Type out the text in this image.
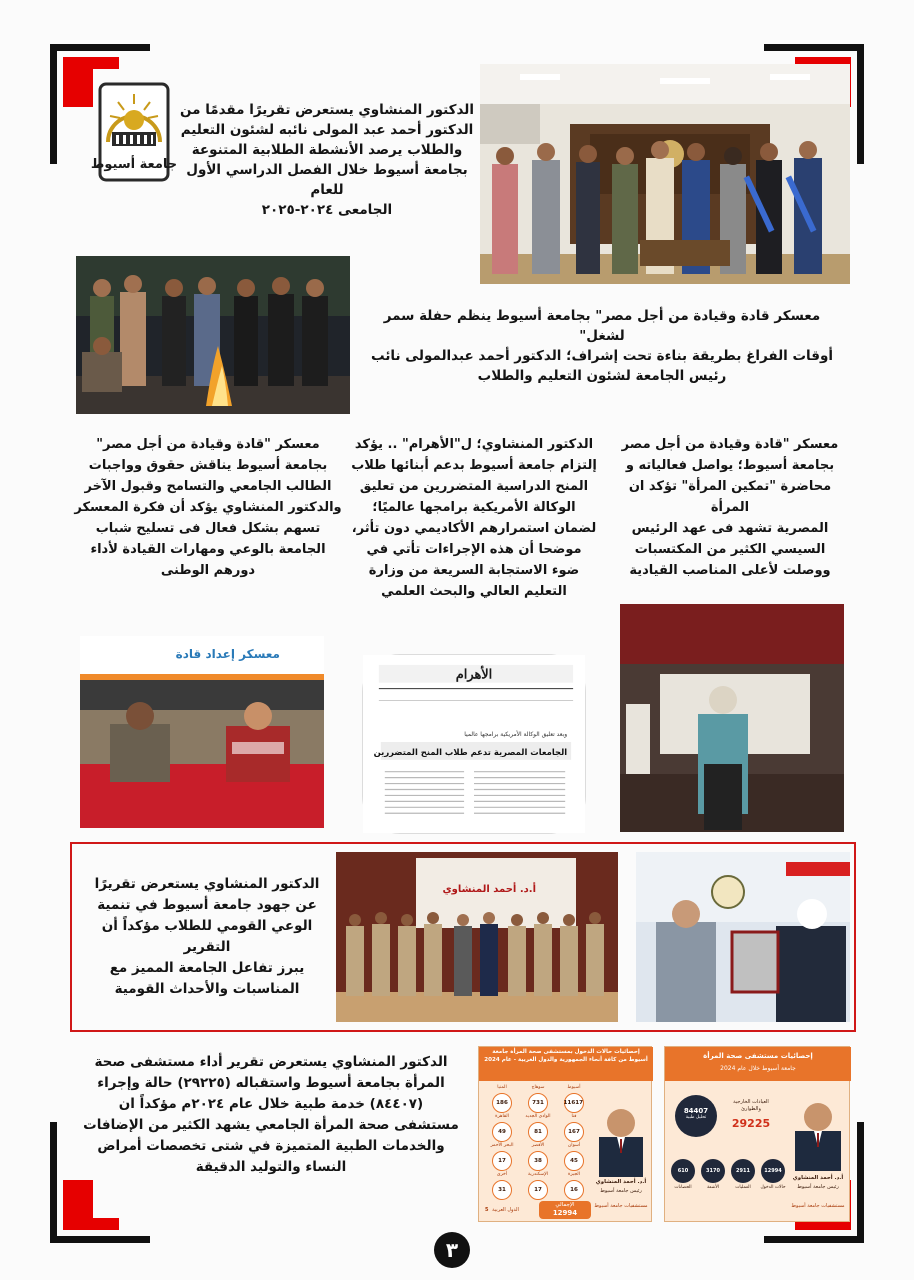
جامعة أسيوط
الدكتور المنشاوي يستعرض تقريرًا مقدمًا من
الدكتور أحمد عبد المولى نائبه لشئون التعليم
والطلاب يرصد الأنشطة الطلابية المتنوعة
بجامعة أسيوط خلال الفصل الدراسي الأول للعام
الجامعى ٢٠٢٤-٢٠٢٥
معسكر قادة وقيادة من أجل مصر" بجامعة أسيوط ينظم حفلة سمر لشغل"
أوقات الفراغ بطريقة بناءة تحت إشراف؛ الدكتور أحمد عبدالمولى نائب
رئيس الجامعة لشئون التعليم والطلاب
معسكر "قادة وقيادة من أجل مصر
بجامعة أسيوط؛ يواصل فعالياته و
محاضرة "تمكين المرأة" تؤكد ان المرأة
المصرية تشهد فى عهد الرئيس
السيسي الكثير من المكتسبات
ووصلت لأعلى المناصب القيادية
الدكتور المنشاوي؛ ل"الأهرام" .. يؤكد
إلتزام جامعة أسيوط بدعم أبنائها طلاب
المنح الدراسية المتضررين من تعليق
الوكالة الأمريكية برامجها عالميًا؛
لضمان استمرارهم الأكاديمي دون تأثر،
موضحا أن هذه الإجراءات تأتي في
ضوء الاستجابة السريعة من وزارة
التعليم العالي والبحث العلمي
معسكر "قادة وقيادة من أجل مصر"
بجامعة أسيوط يناقش حقوق وواجبات
الطالب الجامعي والتسامح وقبول الآخر
والدكتور المنشاوي يؤكد أن فكرة المعسكر
تسهم بشكل فعال فى تسليح شباب
الجامعة بالوعي ومهارات القيادة لأداء
دورهم الوطنى
معسكر إعداد قادة
الأهرام
وبعد تعليق الوكالة الأمريكية برامجها عالميا
الجامعات المصرية تدعم طلاب المنح المتضررين
الدكتور المنشاوي يستعرض تقريرًا
عن جهود جامعة أسيوط في تنمية
الوعي القومي للطلاب مؤكداً أن التقرير
يبرز تفاعل الجامعة المميز مع
المناسبات والأحداث القومية
أ.د. أحمد المنشاوي
الدكتور المنشاوي يستعرض تقرير أداء مستشفى صحة
المرأة بجامعة أسيوط واستقباله (٢٩٢٢٥) حالة وإجراء
(٨٤٤٠٧) خدمة طبية خلال عام ٢٠٢٤م مؤكداً ان
مستشفى صحة المرأة الجامعي يشهد الكثير من الإضافات
والخدمات الطبية المتميزة في شتى تخصصات أمراض
النساء والتوليد الدقيقة
إحصائيات حالات الدخول بمستشفى صحة المرأة جامعة أسيوط من كافة أنحاء الجمهورية والدول العربية - عام 2024
أسيوط
11617
سوهاج
731
المنيا
186
قنا
167
الوادي الجديد
81
القاهرة
49
أسوان
45
الأقصر
38
البحر الأحمر
17
الجيزة
16
الإسكندرية
17
أخرى
31
الدول العربية 5
الإجمالي
12994
أ.د. أحمد المنشاوي
رئيس جامعة أسيوط
مستشفيات جامعة أسيوط
إحصائيات مستشفى صحة المرأة
جامعة أسيوط خلال عام 2024
84407
تحليل طبية
العيادات الخارجية والطوارئ
29225
12994
حالات الدخول
2911
العمليات
3170
الأشعة
610
الحضانات
أ.د. أحمد المنشاوي
رئيس جامعة أسيوط
مستشفيات جامعة أسيوط
٣
